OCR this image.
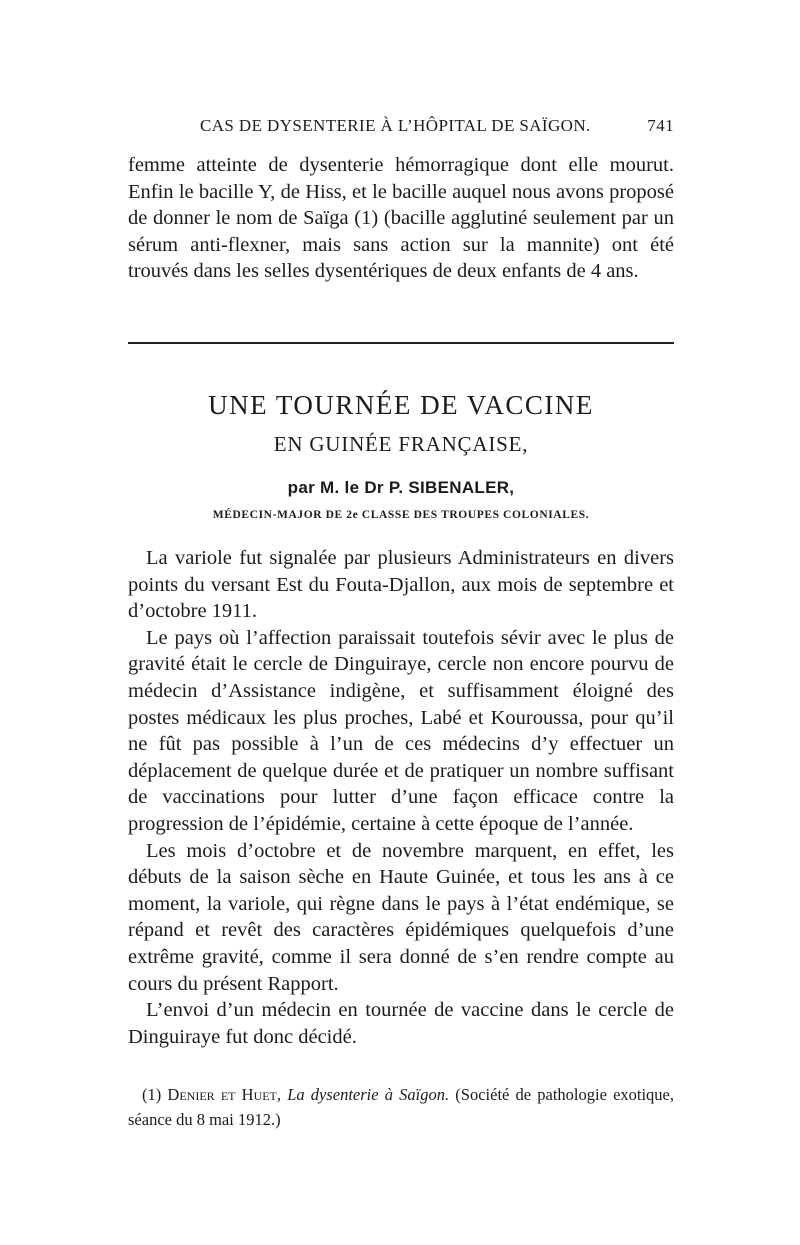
CAS DE DYSENTERIE À L’HÔPITAL DE SAÏGON.	741

femme atteinte de dysenterie hémorragique dont elle mourut. Enfin le bacille Y, de Hiss, et le bacille auquel nous avons proposé de donner le nom de Saïga (1) (bacille agglutiné seulement par un sérum anti-flexner, mais sans action sur la mannite) ont été trouvés dans les selles dysentériques de deux enfants de 4 ans.

UNE TOURNÉE DE VACCINE
EN GUINÉE FRANÇAISE,
par M. le Dr P. SIBENALER,
MÉDECIN-MAJOR DE 2e CLASSE DES TROUPES COLONIALES.

La variole fut signalée par plusieurs Administrateurs en divers points du versant Est du Fouta-Djallon, aux mois de septembre et d’octobre 1911.

Le pays où l’affection paraissait toutefois sévir avec le plus de gravité était le cercle de Dinguiraye, cercle non encore pourvu de médecin d’Assistance indigène, et suffisamment éloigné des postes médicaux les plus proches, Labé et Kouroussa, pour qu’il ne fût pas possible à l’un de ces médecins d’y effectuer un déplacement de quelque durée et de pratiquer un nombre suffisant de vaccinations pour lutter d’une façon efficace contre la progression de l’épidémie, certaine à cette époque de l’année.

Les mois d’octobre et de novembre marquent, en effet, les débuts de la saison sèche en Haute Guinée, et tous les ans à ce moment, la variole, qui règne dans le pays à l’état endémique, se répand et revêt des caractères épidémiques quelquefois d’une extrême gravité, comme il sera donné de s’en rendre compte au cours du présent Rapport.

L’envoi d’un médecin en tournée de vaccine dans le cercle de Dinguiraye fut donc décidé.

(1) Denier et Huet, La dysenterie à Saïgon. (Société de pathologie exotique, séance du 8 mai 1912.)
